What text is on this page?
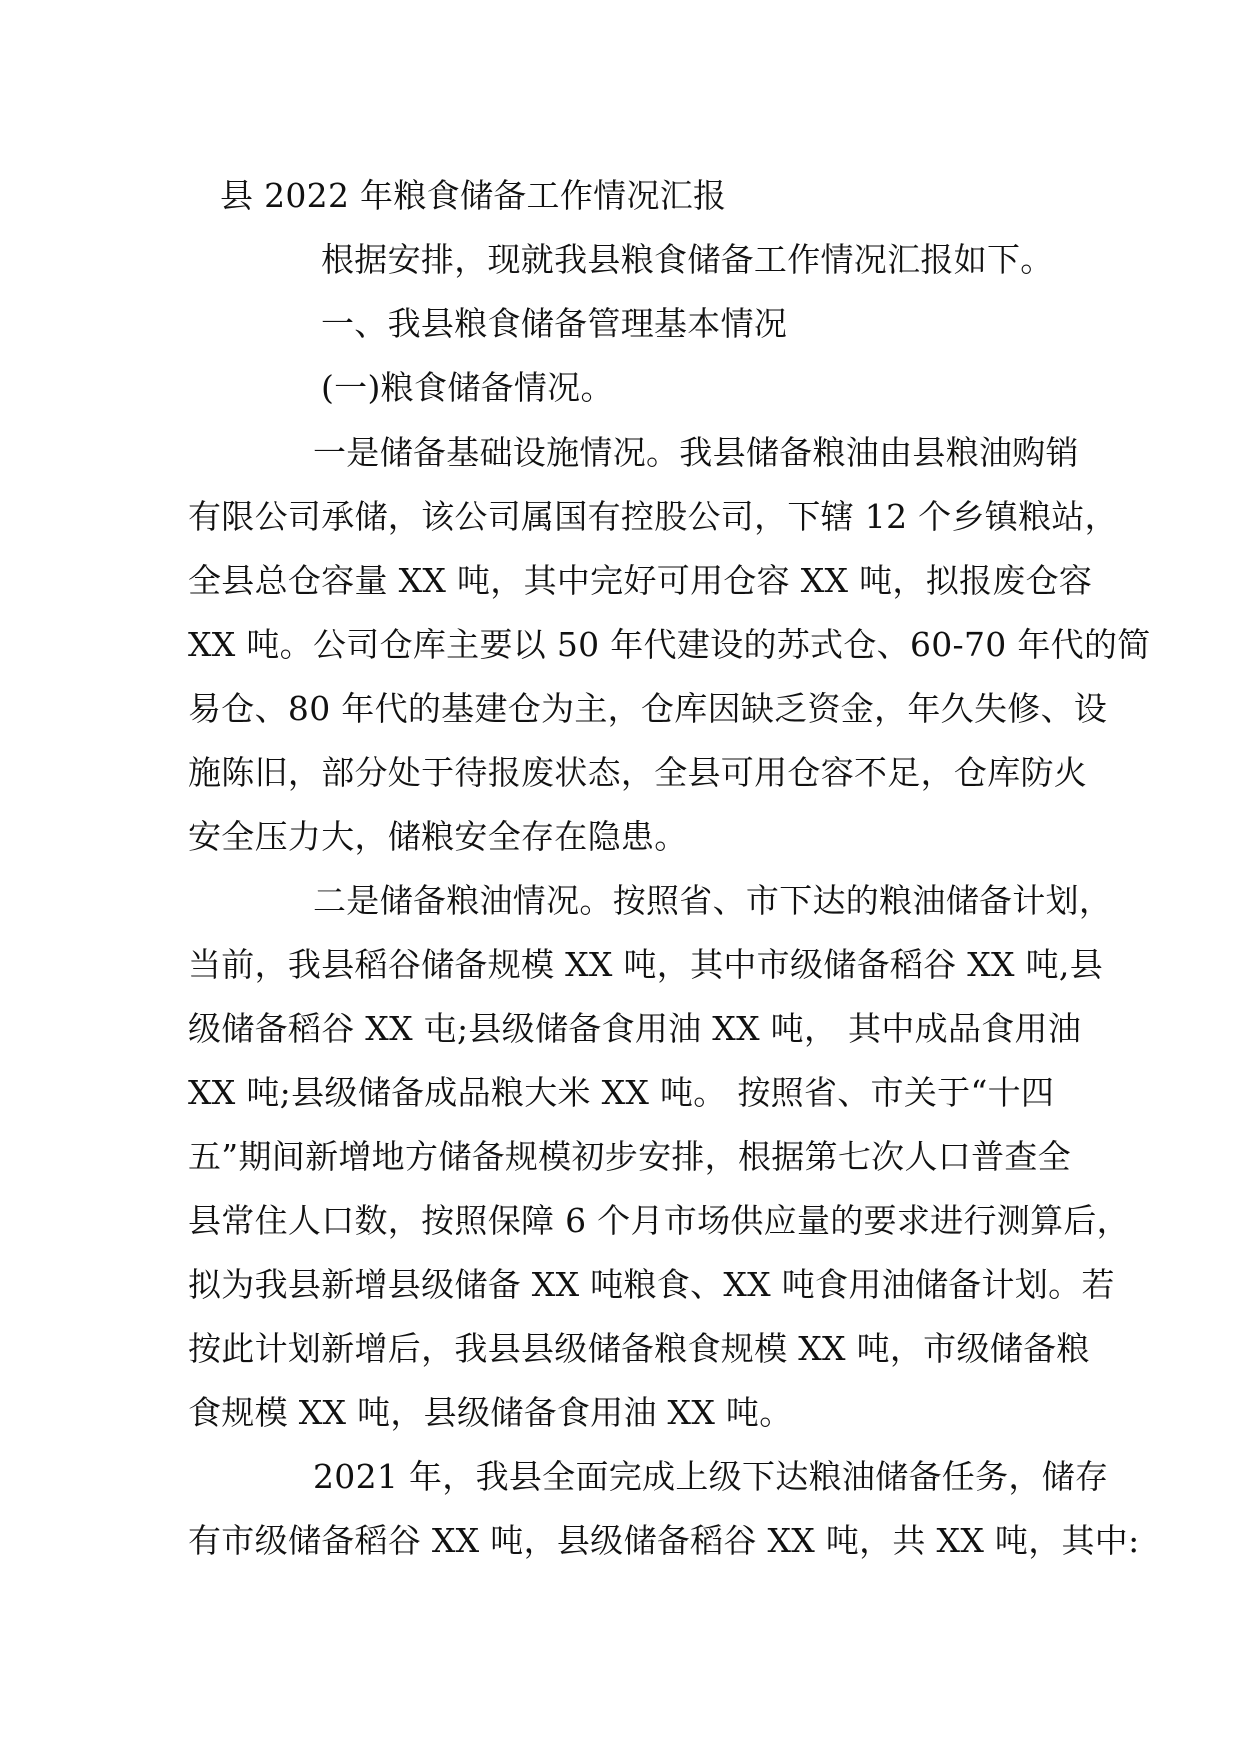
县 2022 年粮食储备工作情况汇报
根据安排，现就我县粮食储备工作情况汇报如下。
一、我县粮食储备管理基本情况
(一)粮食储备情况。
一是储备基础设施情况。我县储备粮油由县粮油购销
有限公司承储，该公司属国有控股公司，下辖 12 个乡镇粮站，
全县总仓容量 XX 吨，其中完好可用仓容 XX 吨，拟报废仓容
XX 吨。公司仓库主要以 50 年代建设的苏式仓、60-70 年代的简
易仓、80 年代的基建仓为主，仓库因缺乏资金，年久失修、设
施陈旧，部分处于待报废状态，全县可用仓容不足，仓库防火
安全压力大，储粮安全存在隐患。
二是储备粮油情况。按照省、市下达的粮油储备计划，
当前，我县稻谷储备规模 XX 吨，其中市级储备稻谷 XX 吨,县
级储备稻谷 XX 屯;县级储备食用油 XX 吨， 其中成品食用油
XX 吨;县级储备成品粮大米 XX 吨。 按照省、市关于“十四
五”期间新增地方储备规模初步安排，根据第七次人口普查全
县常住人口数，按照保障 6 个月市场供应量的要求进行测算后，
拟为我县新增县级储备 XX 吨粮食、XX 吨食用油储备计划。若
按此计划新增后，我县县级储备粮食规模 XX 吨，市级储备粮
食规模 XX 吨，县级储备食用油 XX 吨。
2021 年，我县全面完成上级下达粮油储备任务，储存
有市级储备稻谷 XX 吨，县级储备稻谷 XX 吨，共 XX 吨，其中:
